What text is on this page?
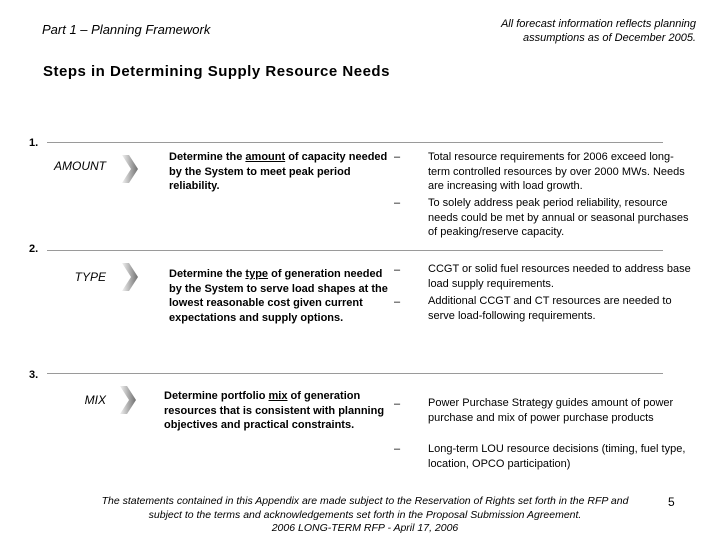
Part 1 – Planning Framework	All forecast information reflects planning
assumptions as of December 2005.
Steps in Determining Supply Resource Needs
1.
AMOUNT
Determine the amount of capacity needed by the System to meet peak period reliability.
–	Total resource requirements for 2006 exceed long-term controlled resources by over 2000 MWs. Needs are increasing with load growth.
–	To solely address peak period reliability, resource needs could be met by annual or seasonal purchases of peaking/reserve capacity.
2.
TYPE	Determine the type of generation needed by the System to serve load shapes at the lowest reasonable cost given current expectations and supply options.
–	CCGT or solid fuel resources needed to address base load supply requirements.
–	Additional CCGT and CT resources are needed to serve load-following requirements.
3.
MIX	Determine portfolio mix of generation resources that is consistent with planning objectives and practical constraints.
–	Power Purchase Strategy guides amount of power purchase and mix of power purchase products
–	Long-term LOU resource decisions (timing, fuel type, location, OPCO participation)
The statements contained in this Appendix are made subject to the Reservation of Rights set forth in the RFP and
subject to the terms and acknowledgements set forth in the Proposal Submission Agreement.
2006 LONG-TERM RFP - April 17, 2006
5
